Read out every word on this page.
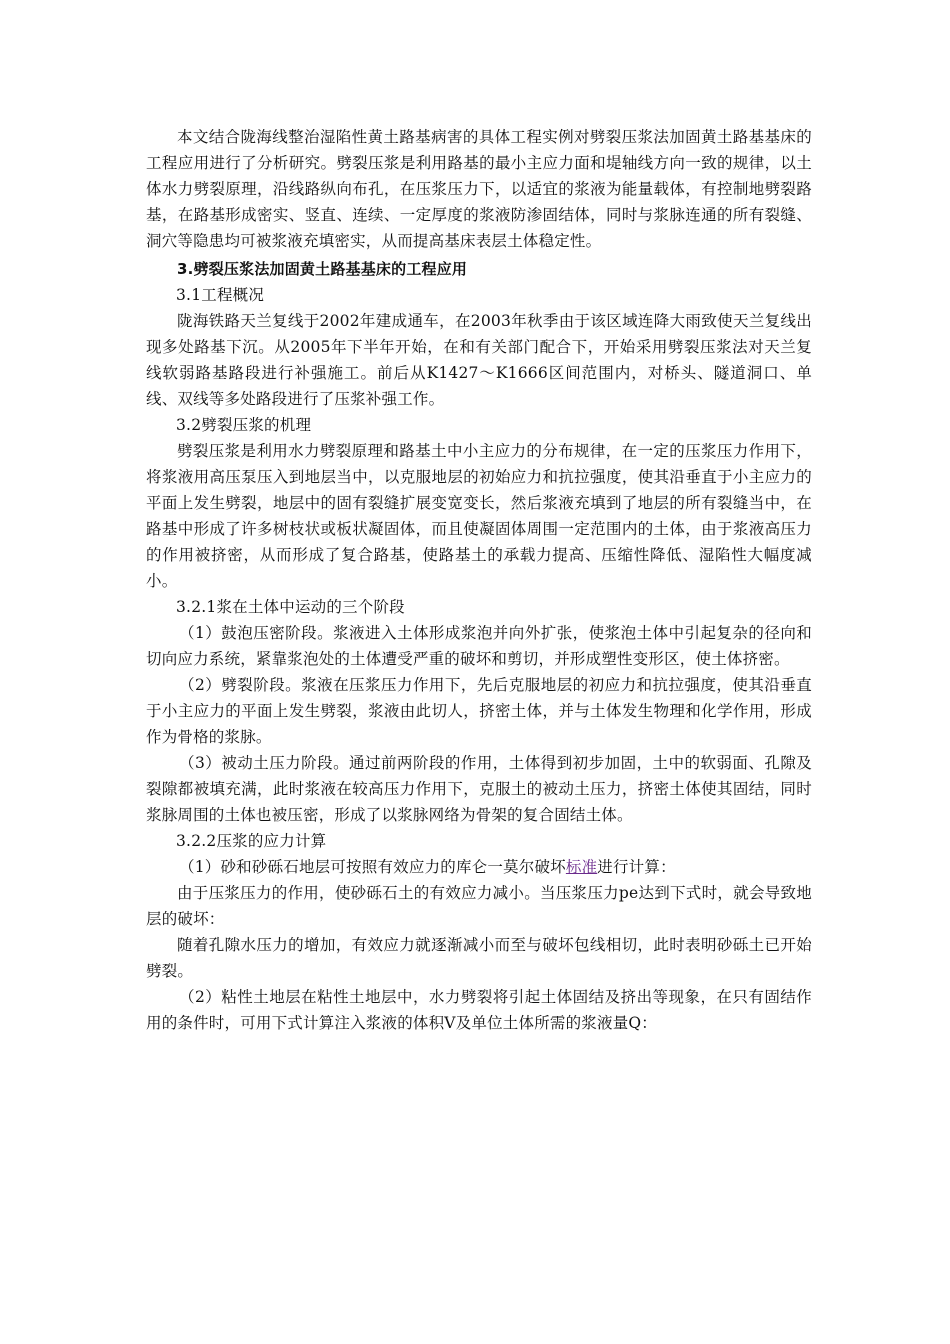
本文结合陇海线整治湿陷性黄土路基病害的具体工程实例对劈裂压浆法加固黄土路基基床的工程应用进行了分析研究。劈裂压浆是利用路基的最小主应力面和堤轴线方向一致的规律，以土体水力劈裂原理，沿线路纵向布孔，在压浆压力下，以适宜的浆液为能量载体，有控制地劈裂路基，在路基形成密实、竖直、连续、一定厚度的浆液防渗固结体，同时与浆脉连通的所有裂缝、洞穴等隐患均可被浆液充填密实，从而提高基床表层土体稳定性。

3.劈裂压浆法加固黄土路基基床的工程应用

3.1工程概况

陇海铁路天兰复线于2002年建成通车，在2003年秋季由于该区域连降大雨致使天兰复线出现多处路基下沉。从2005年下半年开始，在和有关部门配合下，开始采用劈裂压浆法对天兰复线软弱路基路段进行补强施工。前后从K1427～K1666区间范围内，对桥头、隧道洞口、单线、双线等多处路段进行了压浆补强工作。

3.2劈裂压浆的机理

劈裂压浆是利用水力劈裂原理和路基土中小主应力的分布规律，在一定的压浆压力作用下，将浆液用高压泵压入到地层当中，以克服地层的初始应力和抗拉强度，使其沿垂直于小主应力的平面上发生劈裂，地层中的固有裂缝扩展变宽变长，然后浆液充填到了地层的所有裂缝当中，在路基中形成了许多树枝状或板状凝固体，而且使凝固体周围一定范围内的土体，由于浆液高压力的作用被挤密，从而形成了复合路基，使路基土的承载力提高、压缩性降低、湿陷性大幅度减小。

3.2.1浆在土体中运动的三个阶段

（1）鼓泡压密阶段。浆液进入土体形成浆泡并向外扩张，使浆泡土体中引起复杂的径向和切向应力系统，紧靠浆泡处的土体遭受严重的破坏和剪切，并形成塑性变形区，使土体挤密。

（2）劈裂阶段。浆液在压浆压力作用下，先后克服地层的初应力和抗拉强度，使其沿垂直于小主应力的平面上发生劈裂，浆液由此切人，挤密土体，并与土体发生物理和化学作用，形成作为骨格的浆脉。

（3）被动土压力阶段。通过前两阶段的作用，土体得到初步加固，土中的软弱面、孔隙及裂隙都被填充满，此时浆液在较高压力作用下，克服土的被动土压力，挤密土体使其固结，同时浆脉周围的土体也被压密，形成了以浆脉网络为骨架的复合固结土体。

3.2.2压浆的应力计算

（1）砂和砂砾石地层可按照有效应力的库仑一莫尔破坏标准进行计算：

由于压浆压力的作用，使砂砾石土的有效应力减小。当压浆压力pe达到下式时，就会导致地层的破坏：

随着孔隙水压力的增加，有效应力就逐渐减小而至与破坏包线相切，此时表明砂砾土已开始劈裂。

（2）粘性土地层在粘性土地层中，水力劈裂将引起土体固结及挤出等现象，在只有固结作用的条件时，可用下式计算注入浆液的体积V及单位土体所需的浆液量Q：
